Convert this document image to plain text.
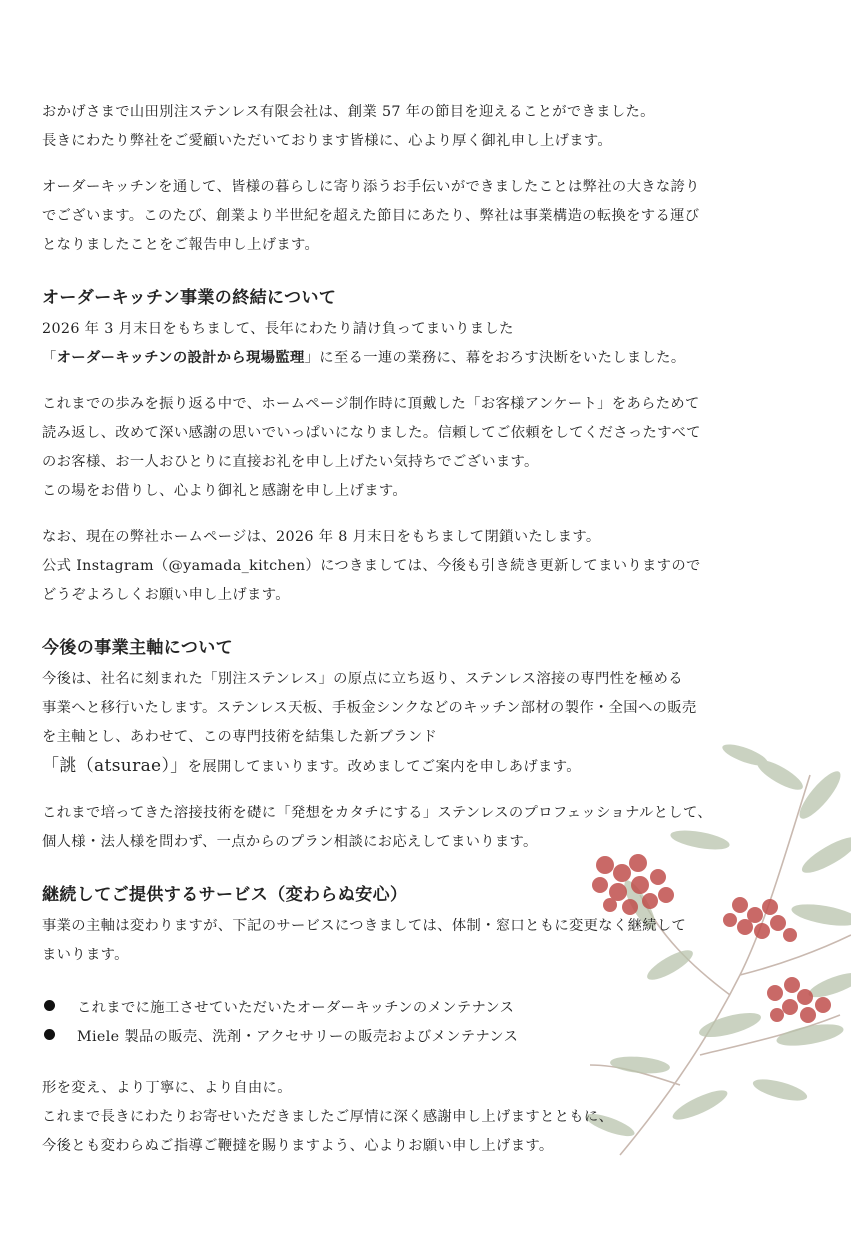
おかげさまで山田別注ステンレス有限会社は、創業 57 年の節目を迎えることができました。
長きにわたり弊社をご愛顧いただいております皆様に、心より厚く御礼申し上げます。

オーダーキッチンを通して、皆様の暮らしに寄り添うお手伝いができましたことは弊社の大きな誇り
でございます。このたび、創業より半世紀を超えた節目にあたり、弊社は事業構造の転換をする運び
となりましたことをご報告申し上げます。

オーダーキッチン事業の終結について

2026 年 3 月末日をもちまして、長年にわたり請け負ってまいりました
「オーダーキッチンの設計から現場監理」に至る一連の業務に、幕をおろす決断をいたしました。

これまでの歩みを振り返る中で、ホームページ制作時に頂戴した「お客様アンケート」をあらためて
読み返し、改めて深い感謝の思いでいっぱいになりました。信頼してご依頼をしてくださったすべて
のお客様、お一人おひとりに直接お礼を申し上げたい気持ちでございます。
この場をお借りし、心より御礼と感謝を申し上げます。

なお、現在の弊社ホームページは、2026 年 8 月末日をもちまして閉鎖いたします。
公式 Instagram（@yamada_kitchen）につきましては、今後も引き続き更新してまいりますので
どうぞよろしくお願い申し上げます。

今後の事業主軸について

今後は、社名に刻まれた「別注ステンレス」の原点に立ち返り、ステンレス溶接の専門性を極める
事業へと移行いたします。ステンレス天板、手板金シンクなどのキッチン部材の製作・全国への販売
を主軸とし、あわせて、この専門技術を結集した新ブランド
「誂（atsurae）」を展開してまいります。改めましてご案内を申しあげます。

これまで培ってきた溶接技術を礎に「発想をカタチにする」ステンレスのプロフェッショナルとして、
個人様・法人様を問わず、一点からのプラン相談にお応えしてまいります。

継続してご提供するサービス（変わらぬ安心）

事業の主軸は変わりますが、下記のサービスにつきましては、体制・窓口ともに変更なく継続して
まいります。

これまでに施工させていただいたオーダーキッチンのメンテナンス
Miele 製品の販売、洗剤・アクセサリーの販売およびメンテナンス

形を変え、より丁寧に、より自由に。
これまで長きにわたりお寄せいただきましたご厚情に深く感謝申し上げますとともに、
今後とも変わらぬご指導ご鞭撻を賜りますよう、心よりお願い申し上げます。
